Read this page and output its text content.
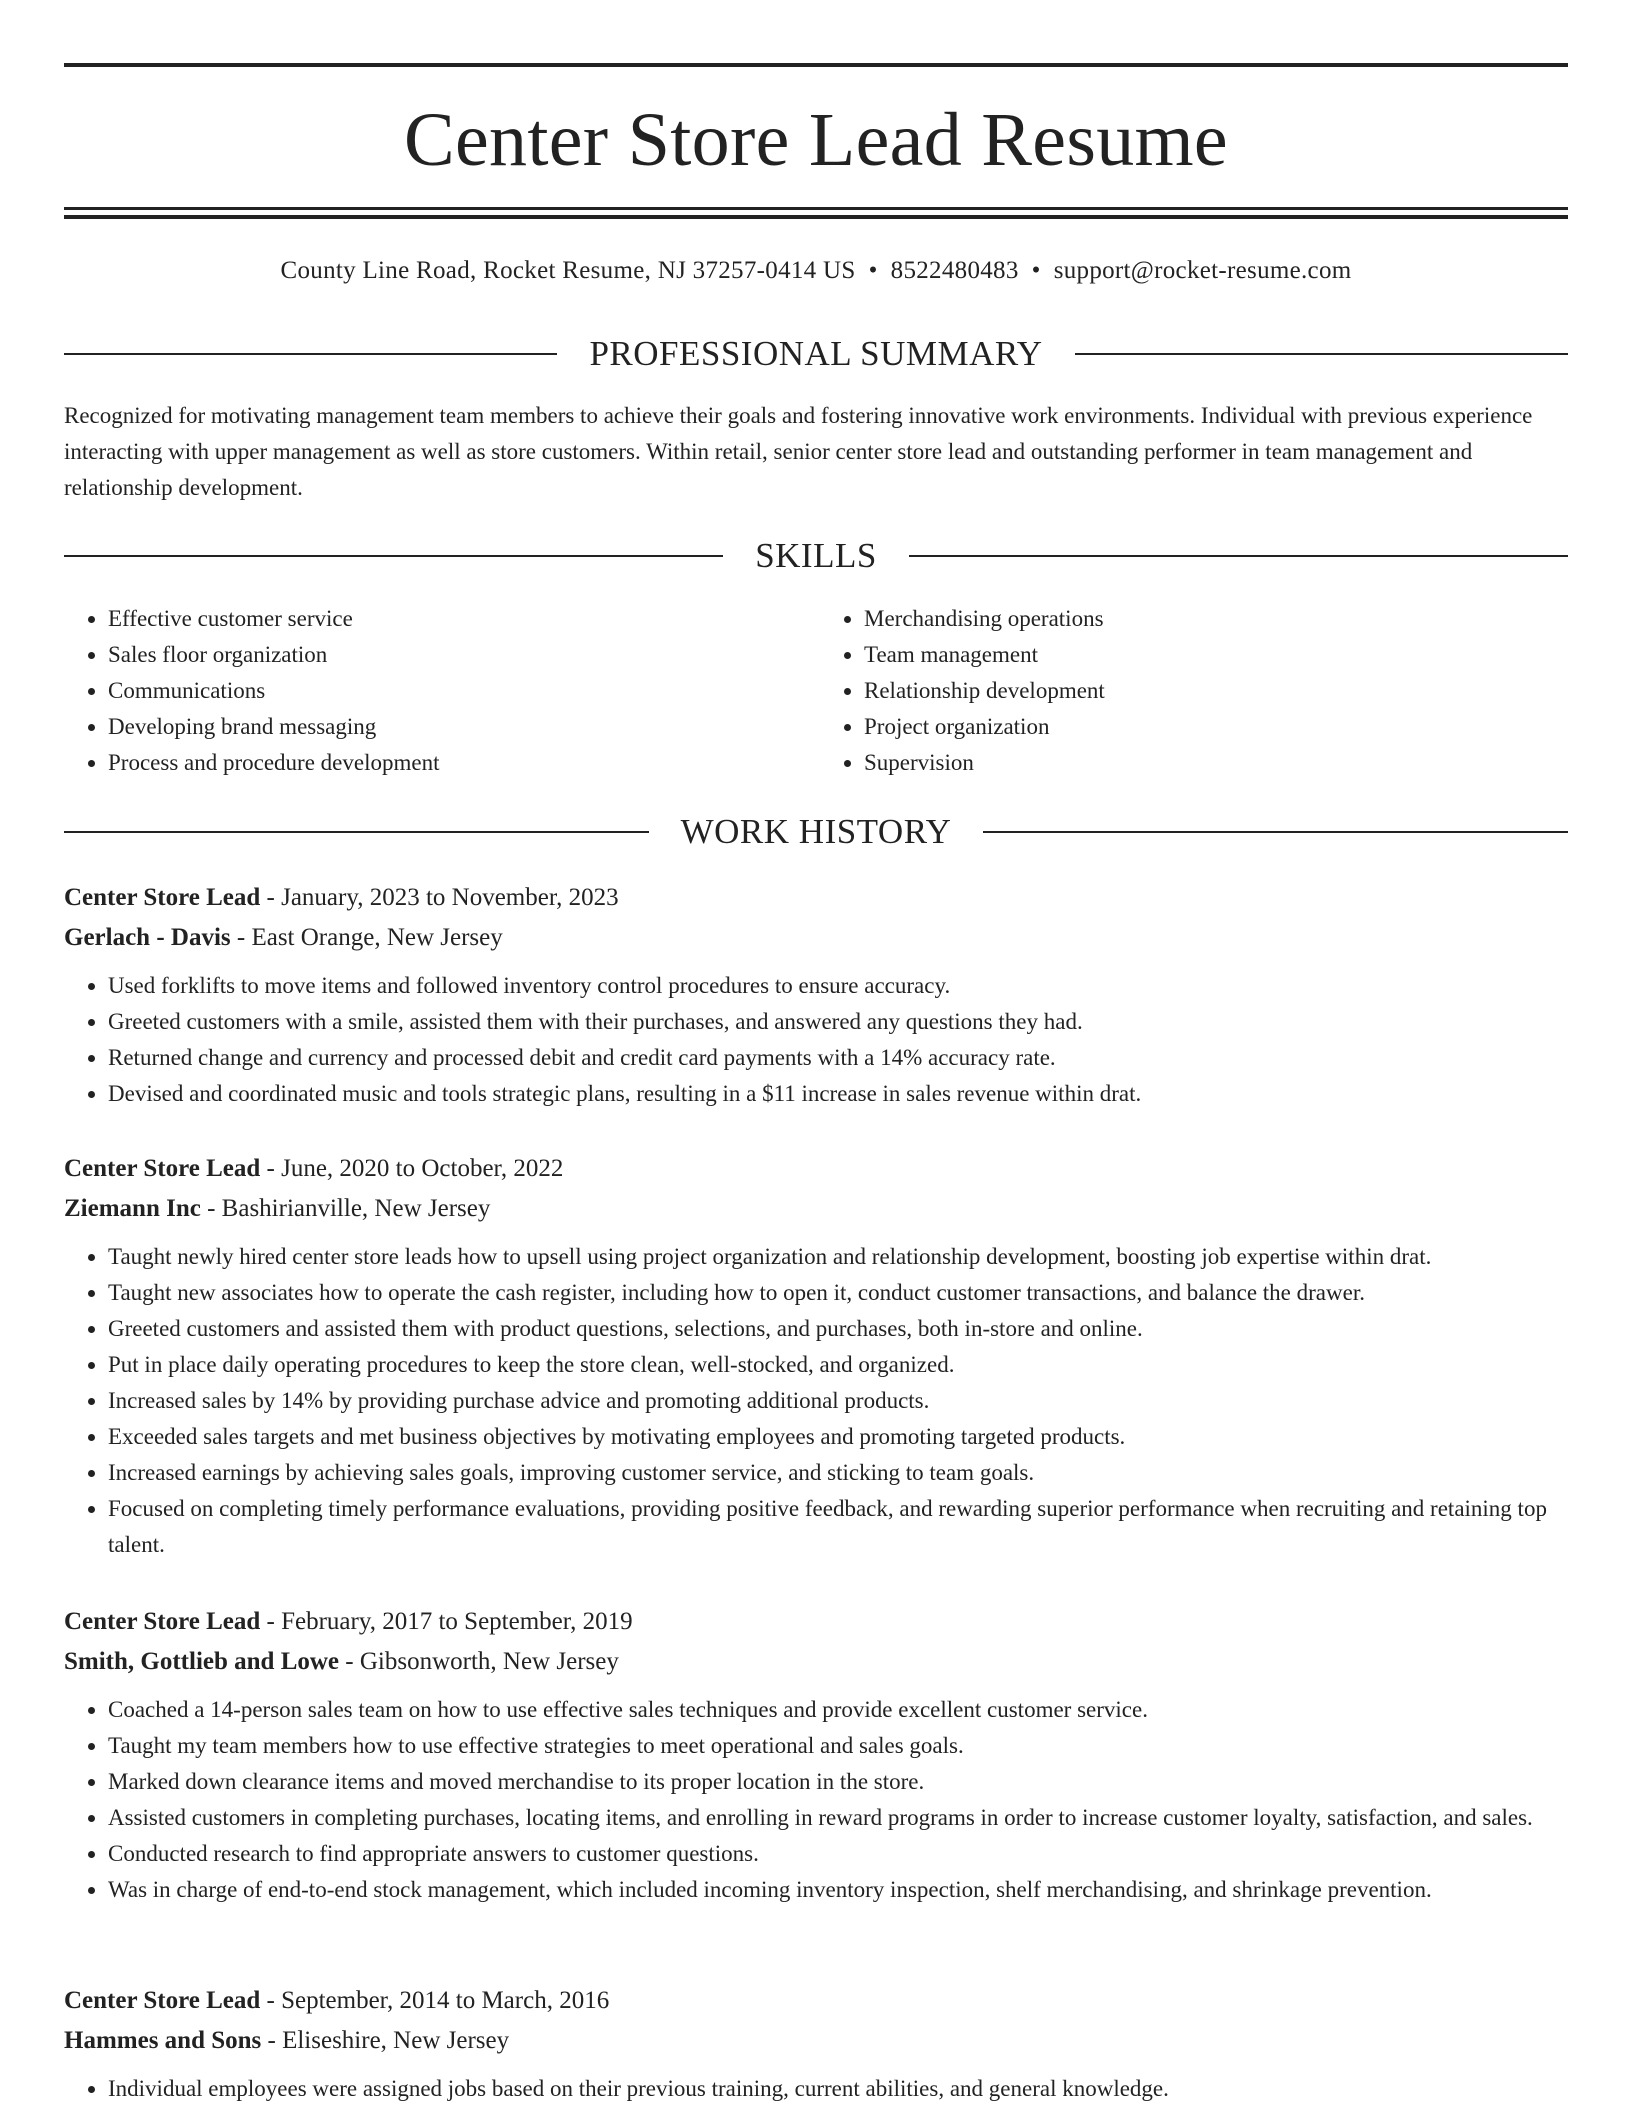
Center Store Lead Resume
County Line Road, Rocket Resume, NJ 37257-0414 US • 8522480483 • support@rocket-resume.com
PROFESSIONAL SUMMARY

Recognized for motivating management team members to achieve their goals and fostering innovative work environments. Individual with previous experience interacting with upper management as well as store customers. Within retail, senior center store lead and outstanding performer in team management and relationship development.

SKILLS
• Effective customer service
• Sales floor organization
• Communications
• Developing brand messaging
• Process and procedure development
• Merchandising operations
• Team management
• Relationship development
• Project organization
• Supervision
WORK HISTORY

Center Store Lead - January, 2023 to November, 2023

Gerlach - Davis - East Orange, New Jersey

• Used forklifts to move items and followed inventory control procedures to ensure accuracy.
• Greeted customers with a smile, assisted them with their purchases, and answered any questions they had.
• Returned change and currency and processed debit and credit card payments with a 14% accuracy rate.
• Devised and coordinated music and tools strategic plans, resulting in a $11 increase in sales revenue within drat.

Center Store Lead - June, 2020 to October, 2022

Ziemann Inc - Bashirianville, New Jersey

• Taught newly hired center store leads how to upsell using project organization and relationship development, boosting job expertise within drat.
• Taught new associates how to operate the cash register, including how to open it, conduct customer transactions, and balance the drawer.
• Greeted customers and assisted them with product questions, selections, and purchases, both in-store and online.
• Put in place daily operating procedures to keep the store clean, well-stocked, and organized.
• Increased sales by 14% by providing purchase advice and promoting additional products.
• Exceeded sales targets and met business objectives by motivating employees and promoting targeted products.
• Increased earnings by achieving sales goals, improving customer service, and sticking to team goals.
• Focused on completing timely performance evaluations, providing positive feedback, and rewarding superior performance when recruiting and retaining top talent.

Center Store Lead - February, 2017 to September, 2019

Smith, Gottlieb and Lowe - Gibsonworth, New Jersey

• Coached a 14-person sales team on how to use effective sales techniques and provide excellent customer service.
• Taught my team members how to use effective strategies to meet operational and sales goals.
• Marked down clearance items and moved merchandise to its proper location in the store.
• Assisted customers in completing purchases, locating items, and enrolling in reward programs in order to increase customer loyalty, satisfaction, and sales.
• Conducted research to find appropriate answers to customer questions.
• Was in charge of end-to-end stock management, which included incoming inventory inspection, shelf merchandising, and shrinkage prevention.

Center Store Lead - September, 2014 to March, 2016

Hammes and Sons - Eliseshire, New Jersey

• Individual employees were assigned jobs based on their previous training, current abilities, and general knowledge.
